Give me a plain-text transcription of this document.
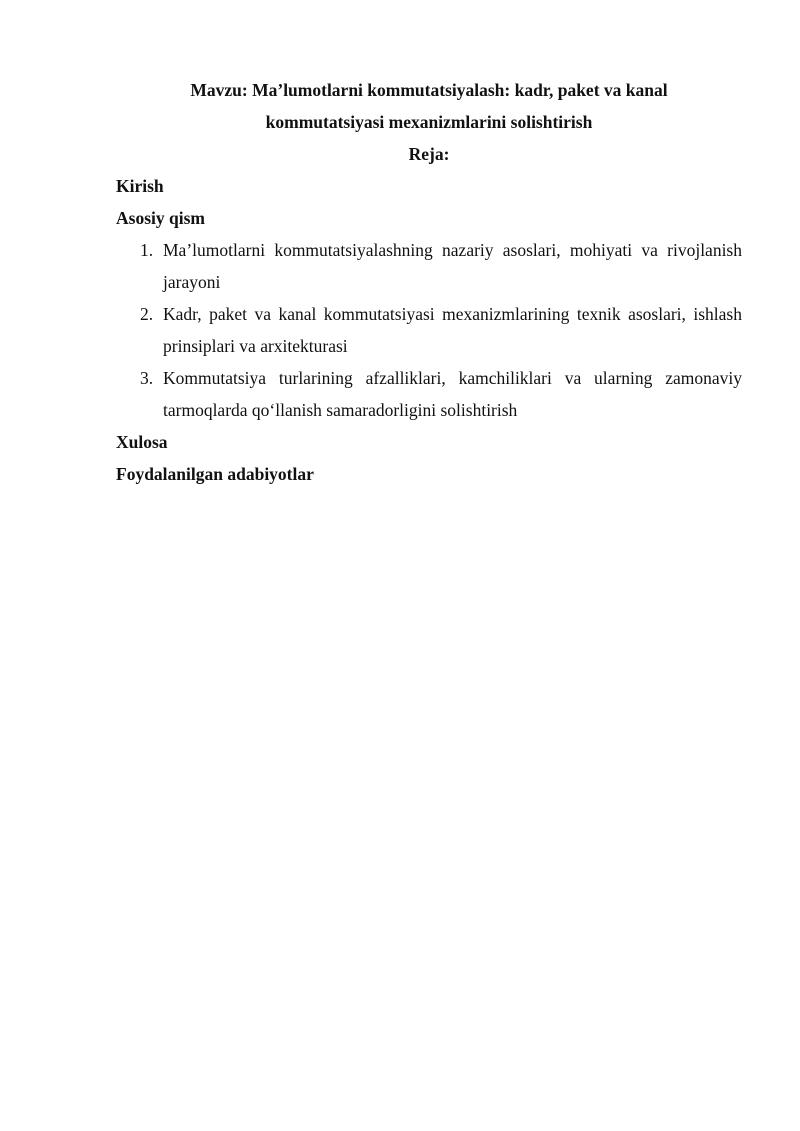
Mavzu: Ma’lumotlarni kommutatsiyalash: kadr, paket va kanal
kommutatsiyasi mexanizmlarini solishtirish

Reja:

Kirish

Asosiy qism

1. Ma’lumotlarni kommutatsiyalashning nazariy asoslari, mohiyati va rivojlanish jarayoni
2. Kadr, paket va kanal kommutatsiyasi mexanizmlarining texnik asoslari, ishlash prinsiplari va arxitekturasi
3. Kommutatsiya turlarining afzalliklari, kamchiliklari va ularning zamonaviy tarmoqlarda qo‘llanish samaradorligini solishtirish

Xulosa

Foydalanilgan adabiyotlar
